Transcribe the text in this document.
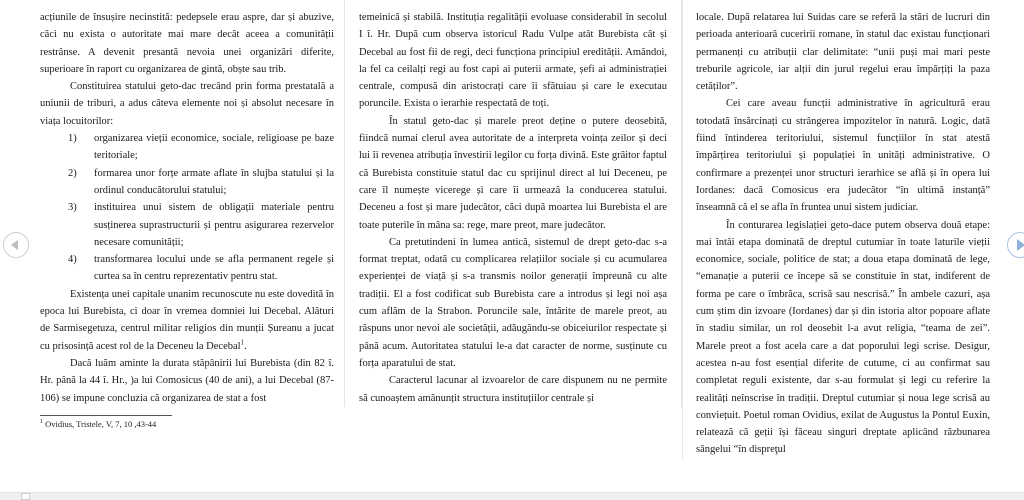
acțiunile de însușire necinstită: pedepsele erau aspre, dar și abuzive, căci nu exista o autoritate mai mare decât aceea a comunității restrânse. A devenit presantă nevoia unei organizări diferite, superioare în raport cu organizarea de gintă, obște sau trib.

Constituirea statului geto-dac trecând prin forma prestatală a uniunii de triburi, a adus câteva elemente noi și absolut necesare în viața locuitorilor:

1) organizarea vieții economice, sociale, religioase pe baze teritoriale;
2) formarea unor forțe armate aflate în slujba statului și la ordinul conducătorului statului;
3) instituirea unui sistem de obligații materiale pentru susținerea suprastructurii și pentru asigurarea rezervelor necesare comunității;
4) transformarea locului unde se afla permanent regele și curtea sa în centru reprezentativ pentru stat.

Existența unei capitale unanim recunoscute nu este dovedită în epoca lui Burebista, ci doar în vremea domniei lui Decebal. Alături de Sarmisegetuza, centrul militar religios din munții Șureanu a jucat cu prisosință acest rol de la Deceneu la Decebal$^1$.

Dacă luăm aminte la durata stăpânirii lui Burebista (din 82 î. Hr. până la 44 î. Hr., )a lui Comosicus (40 de ani), a lui Decebal (87-106) se impune concluzia că organizarea de stat a fost

$^1$ Ovidius, Tristele, V, 7, 10 ,43-44

temeinică și stabilă. Instituția regalității evoluase considerabil în secolul I î. Hr. După cum observa istoricul Radu Vulpe atât Burebista cât și Decebal au fost fii de regi, deci funcționa principiul eredității. Amândoi, la fel ca ceilalți regi au fost capi ai puterii armate, șefi ai administrației centrale, compusă din aristocrați care îi sfătuiau și care le executau poruncile. Exista o ierarhie respectată de toți.

În statul geto-dac și marele preot deține o putere deosebită, fiindcă numai clerul avea autoritate de a interpreta voința zeilor și deci lui îi revenea atribuția învestirii legilor cu forța divină. Este grăitor faptul că Burebista constituie statul dac cu sprijinul direct al lui Deceneu, pe care îl numește vicerege și care îi urmează la conducerea statului. Deceneu a fost și mare judecător, căci după moartea lui Burebista el are toate puterile în mâna sa: rege, mare preot, mare judecător.

Ca pretutindeni în lumea antică, sistemul de drept geto-dac s-a format treptat, odată cu complicarea relațiilor sociale și cu acumularea experienței de viață și s-a transmis noilor generații împreună cu alte tradiții. El a fost codificat sub Burebista care a introdus și legi noi așa cum aflăm de la Strabon. Poruncile sale, întărite de marele preot, au răspuns unor nevoi ale societății, adăugându-se obiceiurilor respectate și până acum. Autoritatea statului le-a dat caracter de norme, susținute cu forța aparatului de stat.

Caracterul lacunar al izvoarelor de care dispunem nu ne permite să cunoaștem amănunțit structura instituțiilor centrale și

locale. După relatarea lui Suidas care se referă la stări de lucruri din perioada anterioară cuceririi romane, în statul dac existau funcționari permanenți cu atribuții clar delimitate: “unii puși mai mari peste treburile agricole, iar alții din jurul regelui erau împărțiți la paza cetăților”.

Cei care aveau funcții administrative în agricultură erau totodată însărcinați cu strângerea impozitelor în natură. Logic, dată fiind întinderea teritoriului, sistemul funcțiilor în stat atestă împărțirea teritoriului și populației în unități administrative. O confirmare a prezenței unor structuri ierarhice se află și în opera lui Iordanes: dacă Comosicus era judecător “în ultimă instanță” înseamnă că el se afla în fruntea unui sistem judiciar.

În conturarea legislației geto-dace putem observa două etape: mai întâi etapa dominată de dreptul cutumiar în toate laturile vieții economice, sociale, politice de stat; a doua etapa dominată de lege, “emanație a puterii ce începe să se constituie în stat, indiferent de forma pe care o îmbrăca, scrisă sau nescrisă.” În ambele cazuri, așa cum știm din izvoare (Iordanes) dar și din istoria altor popoare aflate în stadiu similar, un rol deosebit l-a avut religia, “teama de zei”. Marele preot a fost acela care a dat poporului legi scrise. Desigur, acestea n-au fost esențial diferite de cutume, ci au confirmat sau completat reguli existente, dar s-au formulat și legi cu referire la realități neînscrise în tradiții. Dreptul cutumiar și noua lege scrisă au conviețuit. Poetul roman Ovidius, exilat de Augustus la Pontul Euxin, relatează că geții își făceau singuri dreptate aplicând răzbunarea sângelui “în dispreţul
